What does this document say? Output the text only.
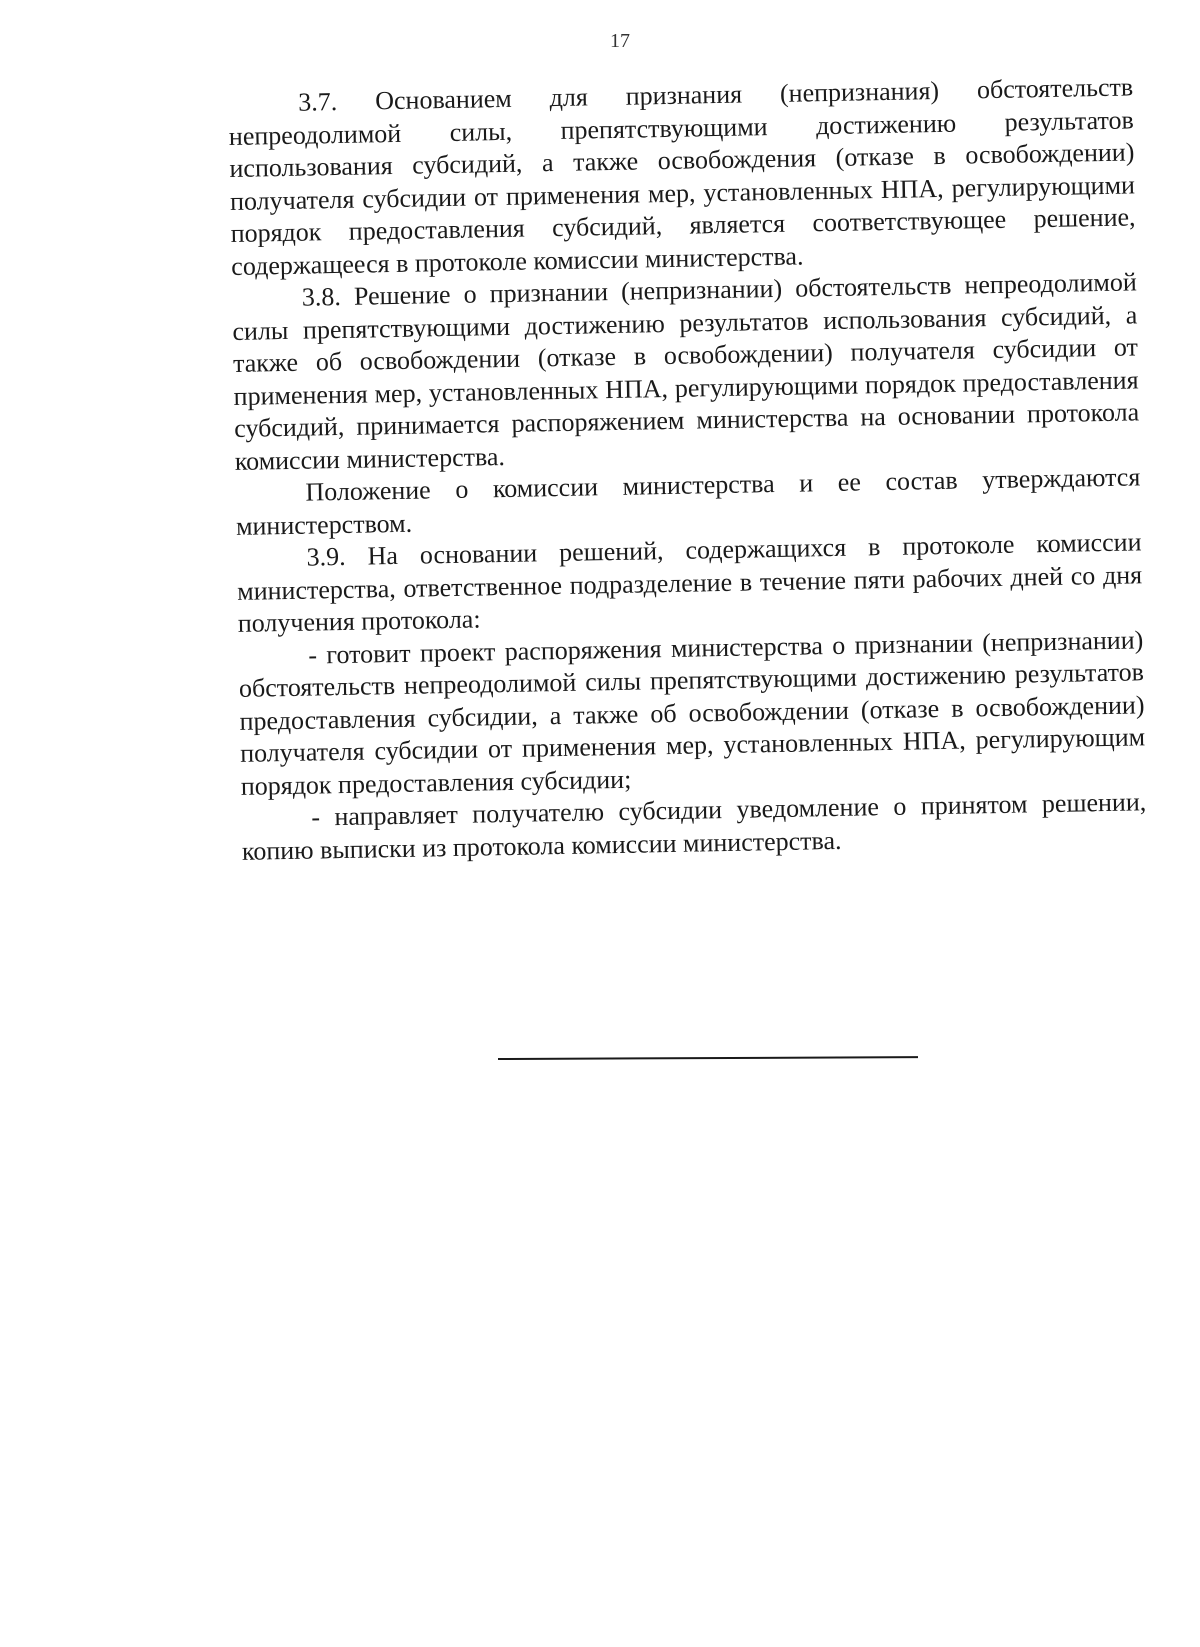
17

3.7. Основанием для признания (непризнания) обстоятельств непреодолимой силы, препятствующими достижению результатов использования субсидий, а также освобождения (отказе в освобождении) получателя субсидии от применения мер, установленных НПА, регулирующими порядок предоставления субсидий, является соответствующее решение, содержащееся в протоколе комиссии министерства.

3.8. Решение о признании (непризнании) обстоятельств непреодолимой силы препятствующими достижению результатов использования субсидий, а также об освобождении (отказе в освобождении) получателя субсидии от применения мер, установленных НПА, регулирующими порядок предоставления субсидий, принимается распоряжением министерства на основании протокола комиссии министерства.

Положение о комиссии министерства и ее состав утверждаются министерством.

3.9. На основании решений, содержащихся в протоколе комиссии министерства, ответственное подразделение в течение пяти рабочих дней со дня получения протокола:

- готовит проект распоряжения министерства о признании (непризнании) обстоятельств непреодолимой силы препятствующими достижению результатов предоставления субсидии, а также об освобождении (отказе в освобождении) получателя субсидии от применения мер, установленных НПА, регулирующим порядок предоставления субсидии;

- направляет получателю субсидии уведомление о принятом решении, копию выписки из протокола комиссии министерства.
